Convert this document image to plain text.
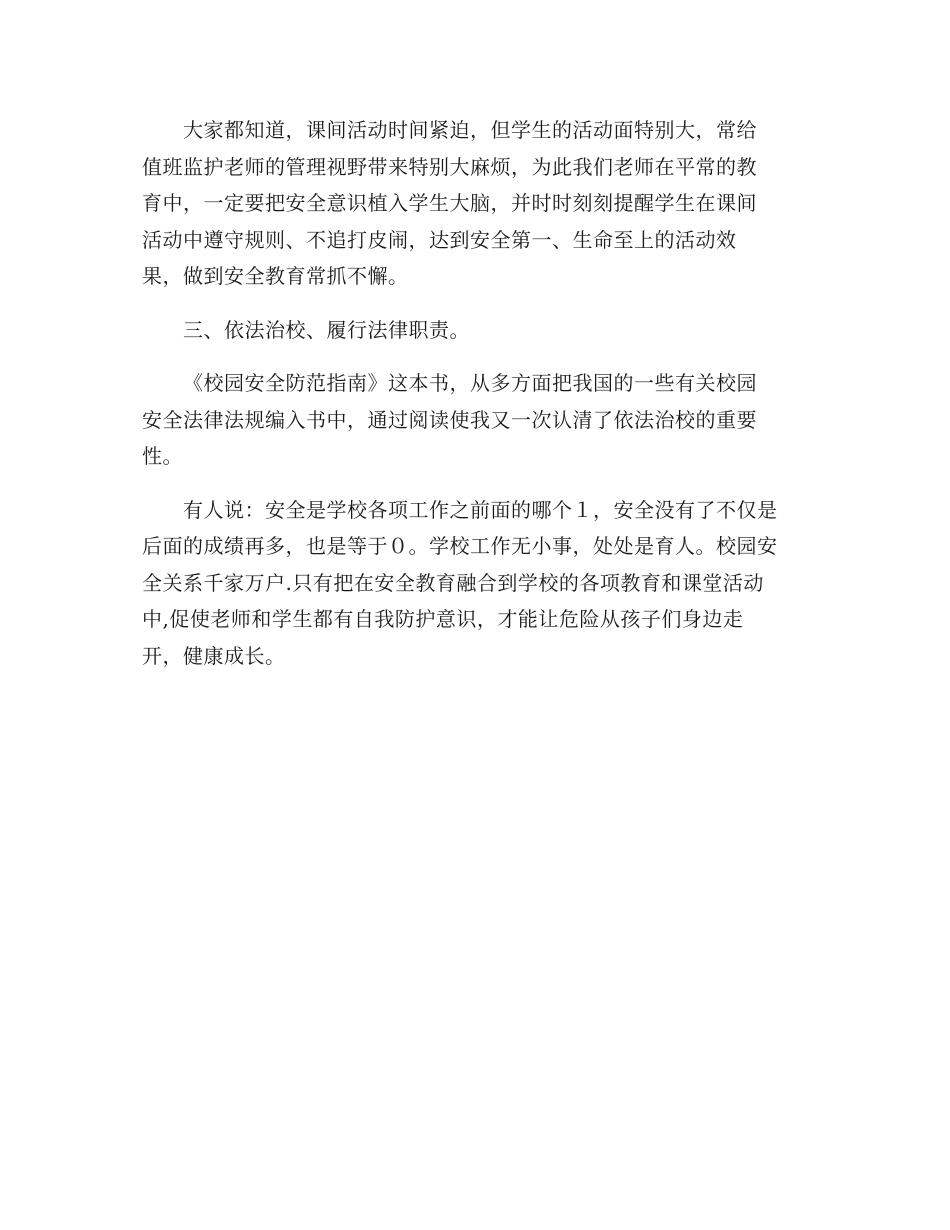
大家都知道，课间活动时间紧迫，但学生的活动面特别大，常给
值班监护老师的管理视野带来特别大麻烦，为此我们老师在平常的教
育中，一定要把安全意识植入学生大脑，并时时刻刻提醒学生在课间
活动中遵守规则、不追打皮闹，达到安全第一、生命至上的活动效
果，做到安全教育常抓不懈。

三、依法治校、履行法律职责。

《校园安全防范指南》这本书，从多方面把我国的一些有关校园
安全法律法规编入书中，通过阅读使我又一次认清了依法治校的重要
性。

有人说：安全是学校各项工作之前面的哪个１，安全没有了不仅是
后面的成绩再多，也是等于０。学校工作无小事，处处是育人。校园安
全关系千家万户.只有把在安全教育融合到学校的各项教育和课堂活动
中,促使老师和学生都有自我防护意识，才能让危险从孩子们身边走
开，健康成长。
